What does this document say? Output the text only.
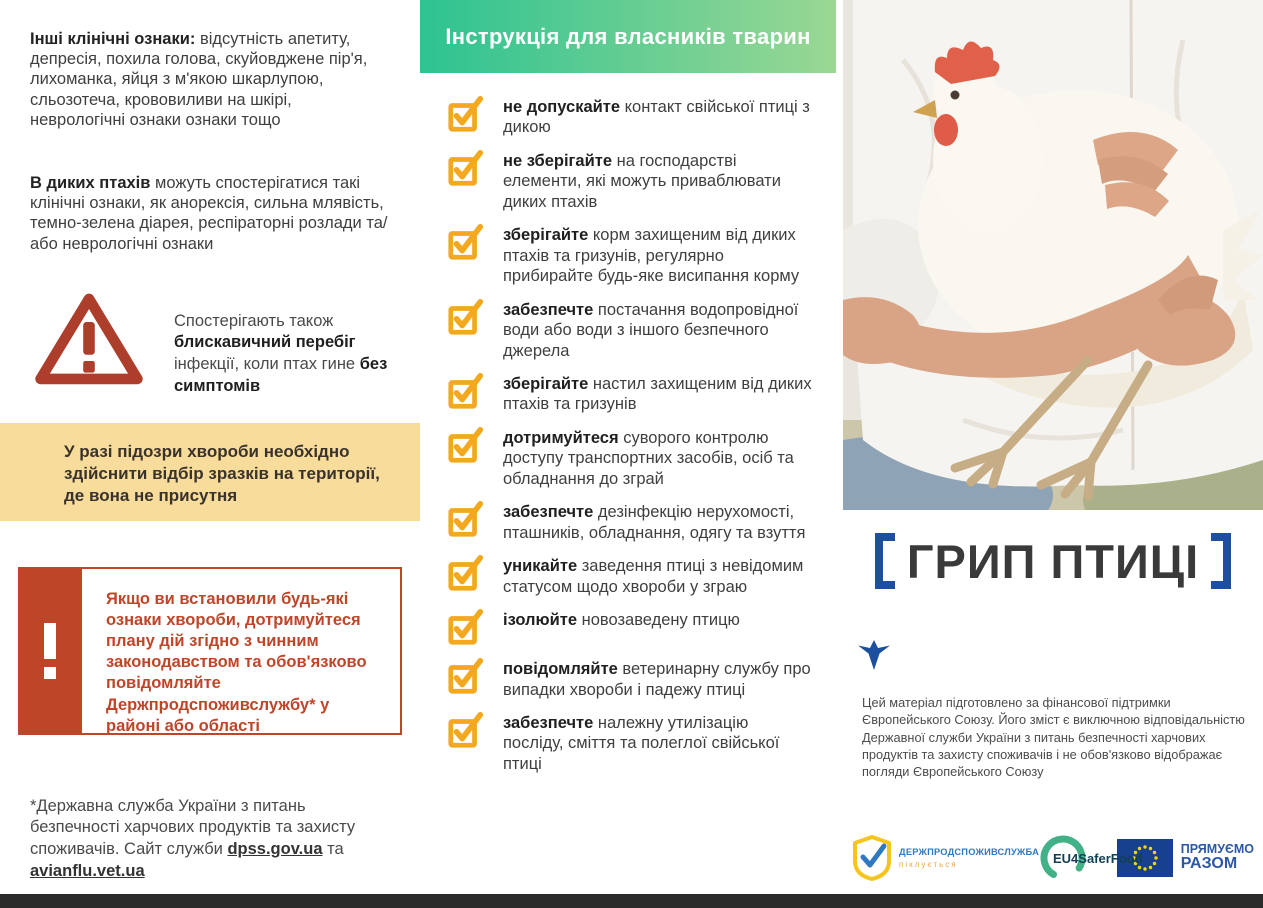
Інші клінічні ознаки: відсутність апетиту, депресія, похила голова, скуйовджене пір'я, лихоманка, яйця з м'якою шкарлупою, сльозотеча, крововиливи на шкірі, неврологічні ознаки ознаки тощо

В диких птахів можуть спостерігатися такі клінічні ознаки, як анорексія, сильна млявість, темно-зелена діарея, респіраторні розлади та/або неврологічні ознаки

Спостерігають також блискавичний перебіг інфекції, коли птах гине без симптомів

У разі підозри хвороби необхідно здійснити відбір зразків на території, де вона не присутня
Якщо ви встановили будь-які ознаки хвороби, дотримуйтеся плану дій згідно з чинним законодавством та обов'язково повідомляйте Держпродспоживслужбу* у районі або області

*Державна служба України з питань безпечності харчових продуктів та захисту споживачів. Сайт служби dpss.gov.ua та avianflu.vet.ua

Інструкція для власників тварин

не допускайте контакт свійської птиці з дикою

не зберігайте на господарстві елементи, які можуть приваблювати диких птахів

зберігайте корм захищеним від диких птахів та гризунів, регулярно прибирайте будь-яке висипання корму

забезпечте постачання водопровідної води або води з іншого безпечного джерела

зберігайте настил захищеним від диких птахів та гризунів

дотримуйтеся суворого контролю доступу транспортних засобів, осіб та обладнання до зграй

забезпечте дезінфекцію нерухомості, пташників, обладнання, одягу та взуття

уникайте заведення птиці з невідомим статусом щодо хвороби у зграю

ізолюйте новозаведену птицю

повідомляйте ветеринарну службу про випадки хвороби і падежу птиці

забезпечте належну утилізацію посліду, сміття та полеглої свійської птиці

ГРИП ПТИЦІ

Цей матеріал підготовлено за фінансової підтримки Європейського Союзу. Його зміст є виключною відповідальністю Державної служби України з питань безпечності харчових продуктів та захисту споживачів і не обов'язково відображає погляди Європейського Союзу

ДЕРЖПРОДСПОЖИВСЛУЖБА
піклується	EU4SaferFood
ПРЯМУЄМО
РАЗОМ
